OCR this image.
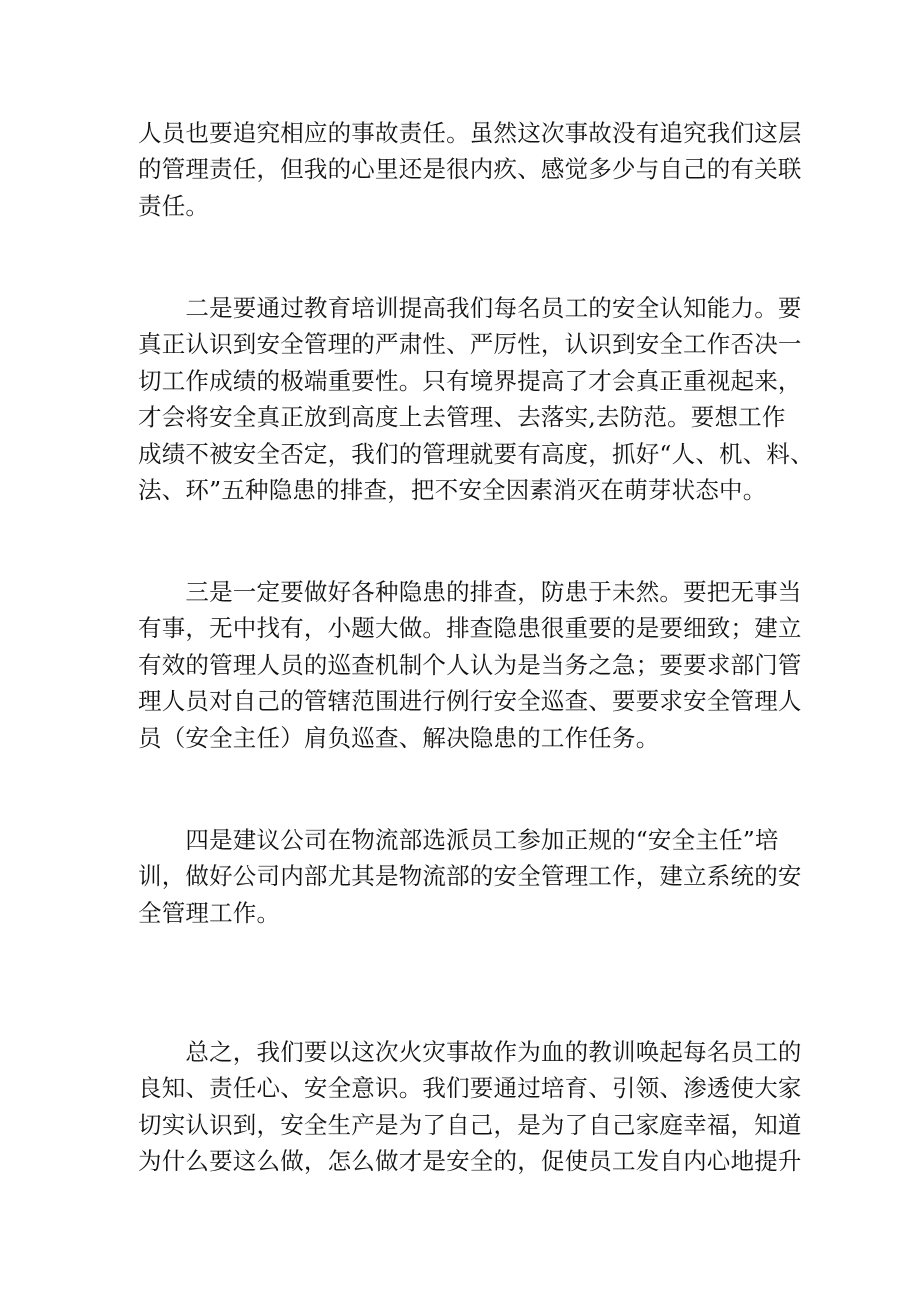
人员也要追究相应的事故责任。虽然这次事故没有追究我们这层
的管理责任，但我的心里还是很内疚、感觉多少与自己的有关联
责任。

　　二是要通过教育培训提高我们每名员工的安全认知能力。要
真正认识到安全管理的严肃性、严厉性，认识到安全工作否决一
切工作成绩的极端重要性。只有境界提高了才会真正重视起来，
才会将安全真正放到高度上去管理、去落实,去防范。要想工作
成绩不被安全否定，我们的管理就要有高度，抓好“人、机、料、
法、环”五种隐患的排查，把不安全因素消灭在萌芽状态中。

　　三是一定要做好各种隐患的排查，防患于未然。要把无事当
有事，无中找有，小题大做。排查隐患很重要的是要细致；建立
有效的管理人员的巡查机制个人认为是当务之急；要要求部门管
理人员对自己的管辖范围进行例行安全巡查、要要求安全管理人
员（安全主任）肩负巡查、解决隐患的工作任务。

　　四是建议公司在物流部选派员工参加正规的“安全主任”培
训，做好公司内部尤其是物流部的安全管理工作，建立系统的安
全管理工作。

　　总之，我们要以这次火灾事故作为血的教训唤起每名员工的
良知、责任心、安全意识。我们要通过培育、引领、渗透使大家
切实认识到，安全生产是为了自己，是为了自己家庭幸福，知道
为什么要这么做，怎么做才是安全的，促使员工发自内心地提升
